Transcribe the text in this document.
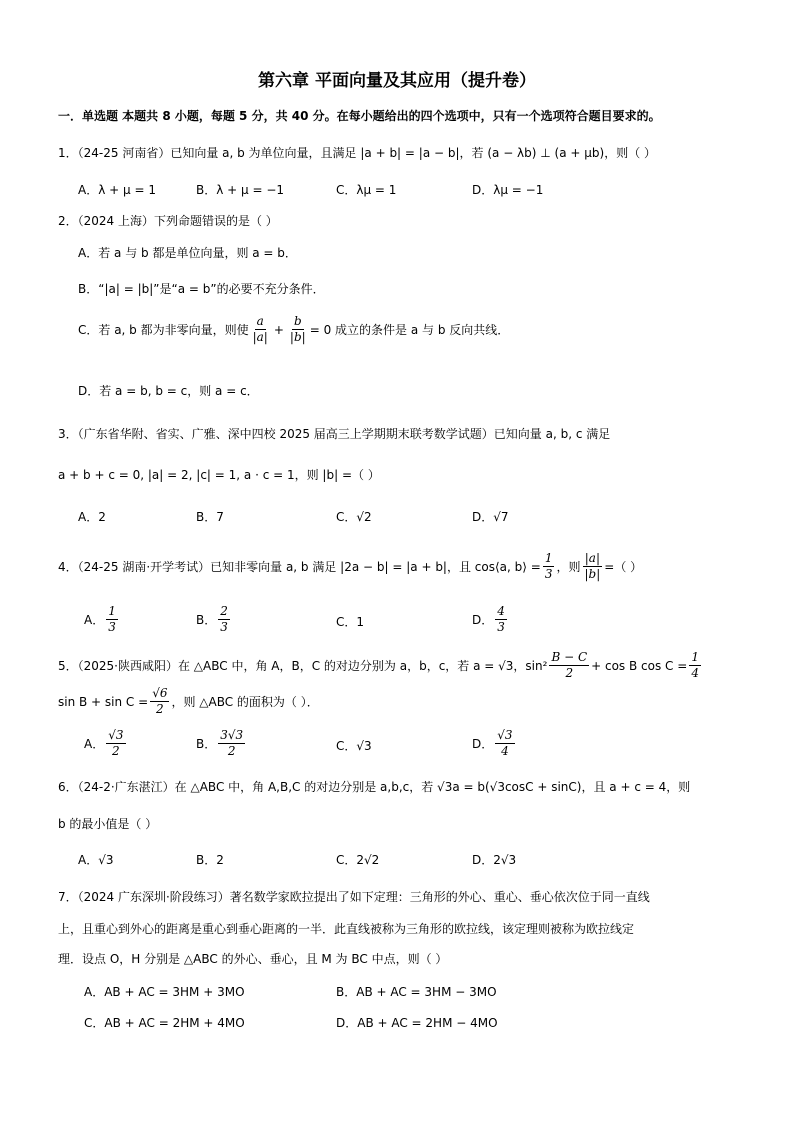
第六章 平面向量及其应用（提升卷）
一．单选题 本题共 8 小题，每题 5 分，共 40 分。在每小题给出的四个选项中，只有一个选项符合题目要求的。
1．（24-25 河南省）已知向量 a, b 为单位向量，且满足 |a + b| = |a − b|，若 (a − λb) ⊥ (a + μb)，则（ ）
A．λ + μ = 1	B．λ + μ = −1	C．λμ = 1	D．λμ = −1
2．（2024 上海）下列命题错误的是（ ）
A．若 a 与 b 都是单位向量，则 a = b．
B．“|a| = |b|”是“a = b”的必要不充分条件．
C．若 a, b 都为非零向量，则使 $\frac{a}{|a|} + \frac{b}{|b|} = 0$ 成立的条件是 a 与 b 反向共线．
D．若 a = b, b = c，则 a = c．
3．（广东省华附、省实、广雅、深中四校 2025 届高三上学期期末联考数学试题）已知向量 a, b, c 满足
a + b + c = 0, |a| = 2, |c| = 1, a · c = 1，则 |b| =（ ）
A．2	B．7	C．√2	D．√7
4．（24-25 湖南·开学考试）已知非零向量 a, b 满足 |2a − b| = |a + b|，且 cos⟨a, b⟩ = $\frac{1}{3}$ ，则 $\frac{|a|}{|b|}$ =（ ）
A． $\frac{1}{3}$	B． $\frac{2}{3}$	C．1	D． $\frac{4}{3}$
5．（2025·陕西咸阳）在 △ABC 中，角 A，B，C 的对边分别为 a，b，c，若 a = √3，$\sin^2 \frac{B - C}{2} + \cos B$ $\cos C = \frac{1}{4}$
$\sin B + \sin C = \frac{√6}{2}$ ，则 △ABC 的面积为（ ）．
A． $\frac{√3}{2}$	B． $\frac{3√3}{2}$	C．√3	D． $\frac{√3}{4}$
6．（24-2·广东湛江）在 △ABC 中，角 A,B,C 的对边分别是 a,b,c，若 √3a = b(√3cosC + sinC)，且 a + c = 4，则
b 的最小值是（ ）
A．√3	B．2	C．2√2	D．2√3
7．（2024 广东深圳·阶段练习）著名数学家欧拉提出了如下定理：三角形的外心、重心、垂心依次位于同一直线
上，且重心到外心的距离是重心到垂心距离的一半．此直线被称为三角形的欧拉线，该定理则被称为欧拉线定
理．设点 O，H 分别是 △ABC 的外心、垂心，且 M 为 BC 中点，则（ ）
A．AB + AC = 3HM + 3MO	B．AB + AC = 3HM − 3MO
C．AB + AC = 2HM + 4MO	D．AB + AC = 2HM − 4MO
